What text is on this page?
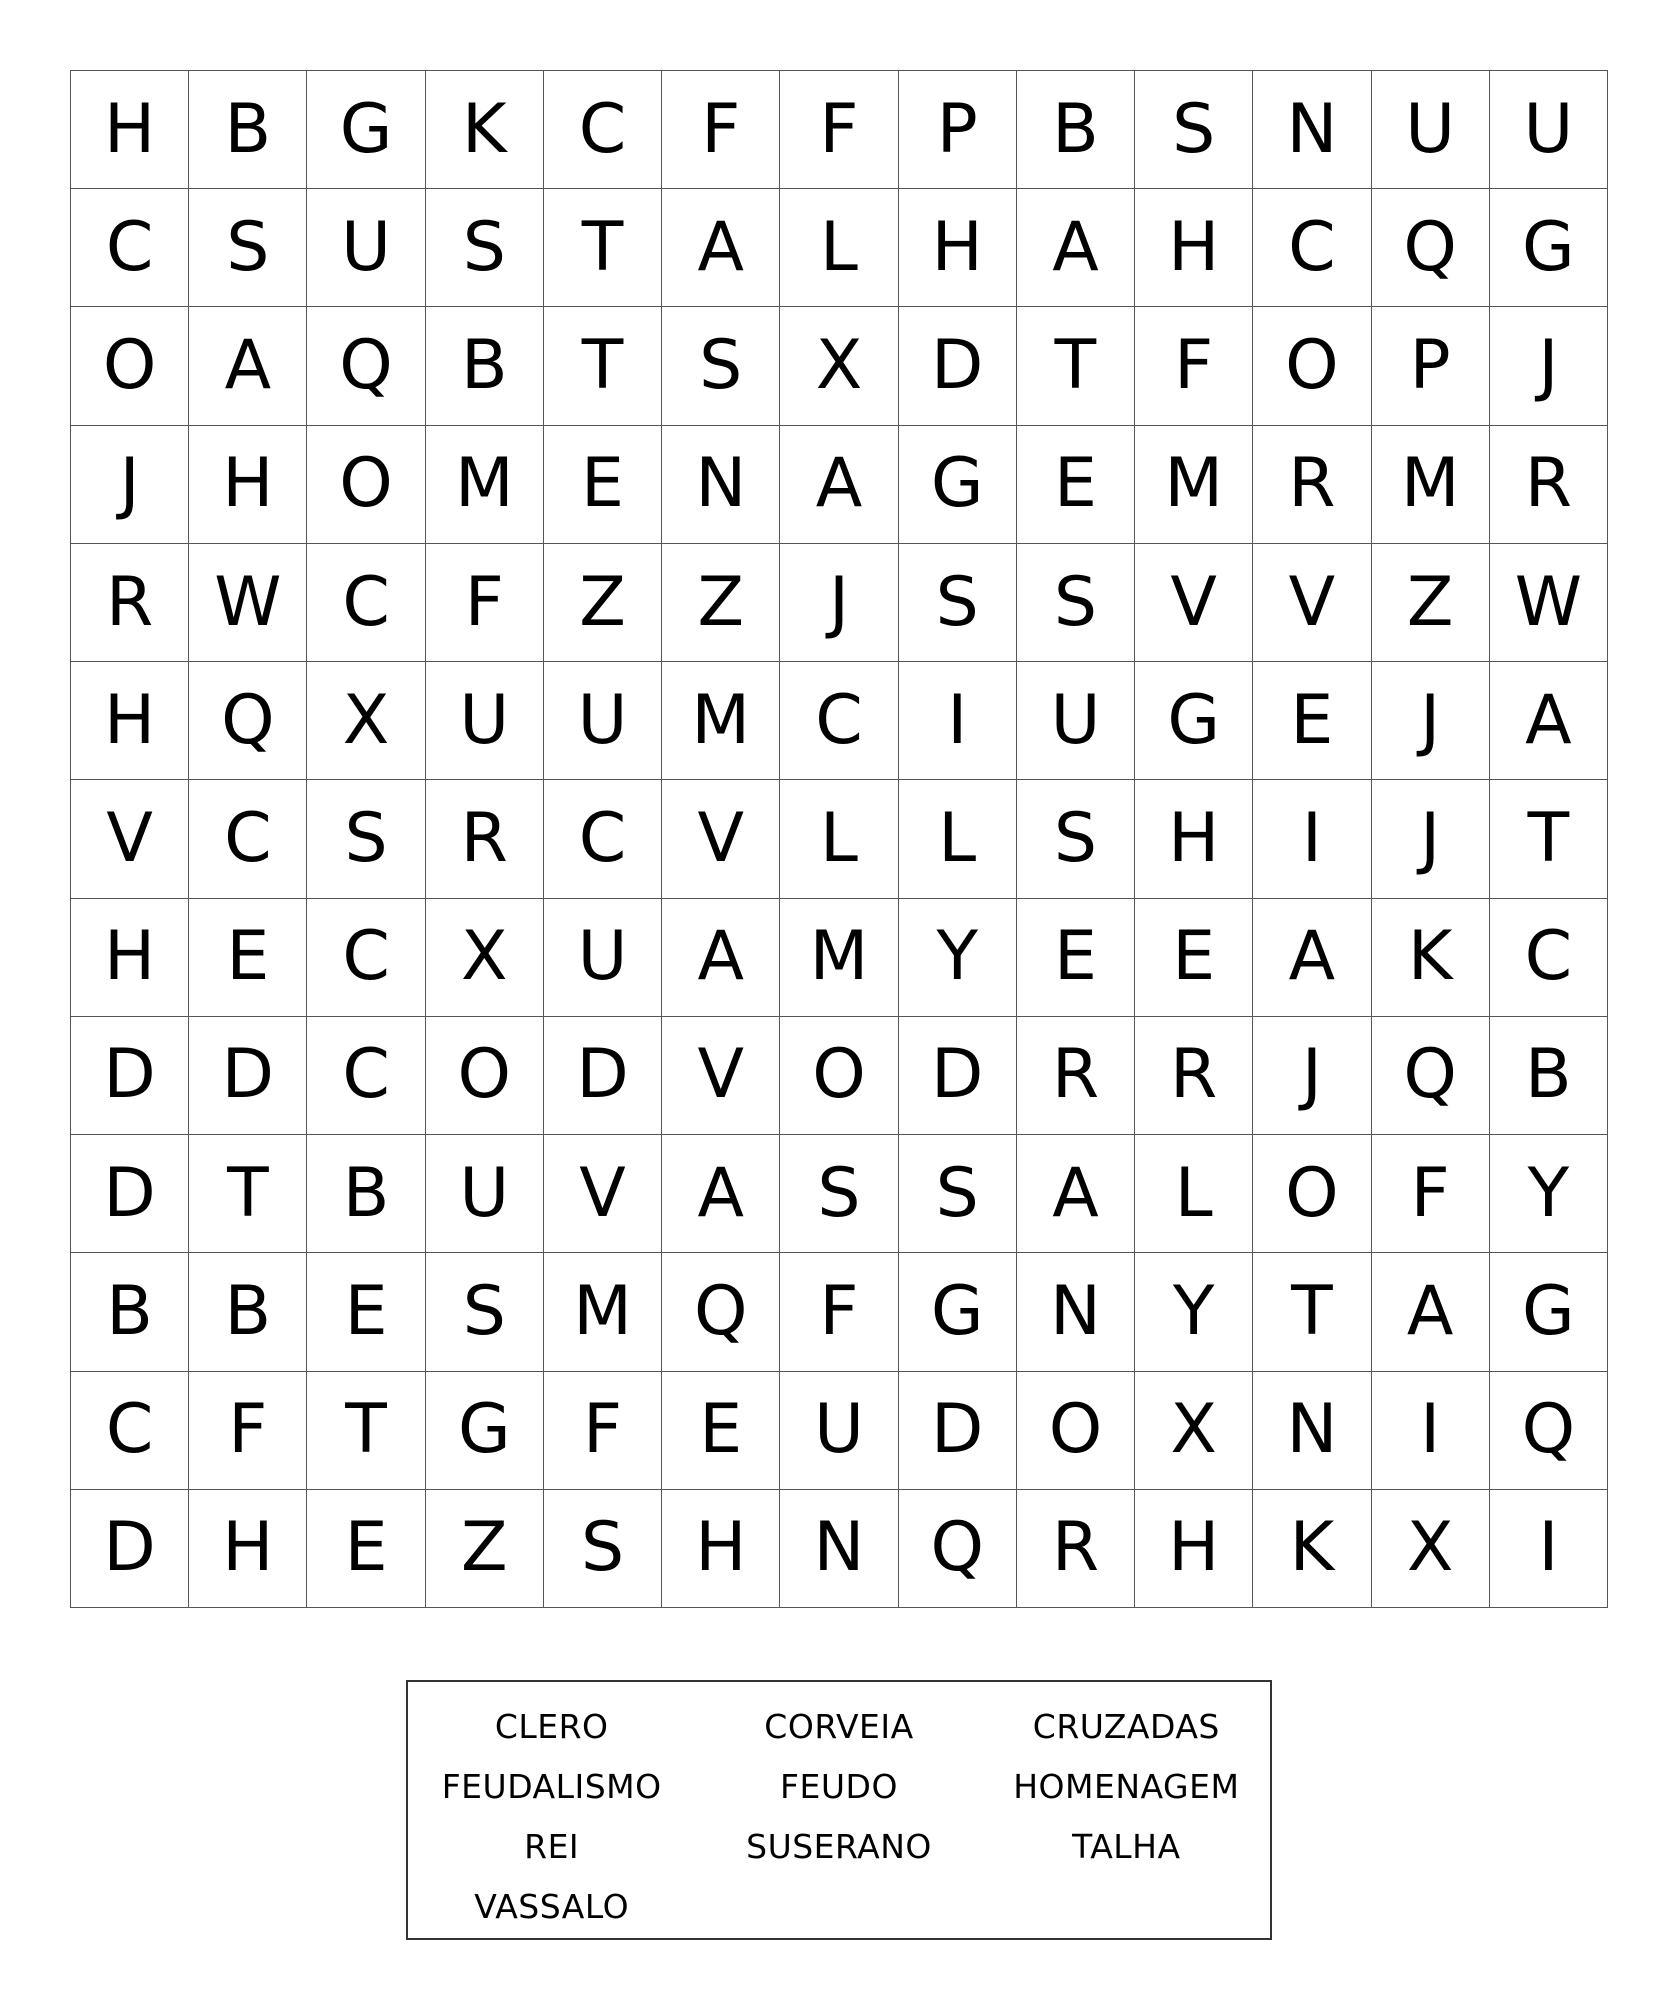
H	B	G	K	C	F	F	P	B	S	N U	U
C	S	U	S	T	A	L	H	A	H	C Q G
O	A	Q	B	T	S	X	D	T	F	O	P	J
J	H O M E	N	A	G	E M R M R
R W C	F	Z	Z	J	S	S	V	V	Z W
H Q	X	U	U M C	I	U G	E	J	A
V	C	S	R	C	V	L	L	S	H	I	J	T
H	E	C	X	U	A M	Y	E	E	A	K	C
D D	C O D	V	O D	R	R	J	Q	B
D	T	B	U	V	A	S	S	A	L	O	F	Y
B	B	E	S M Q	F	G N	Y	T	A	G
C	F	T	G	F	E	U D O	X	N	I	Q
D H	E	Z	S	H N Q R	H	K	X	I
CLERO	CORVEIA	CRUZADAS
FEUDALISMO	FEUDO	HOMENAGEM
REI	SUSERANO	TALHA
VASSALO
